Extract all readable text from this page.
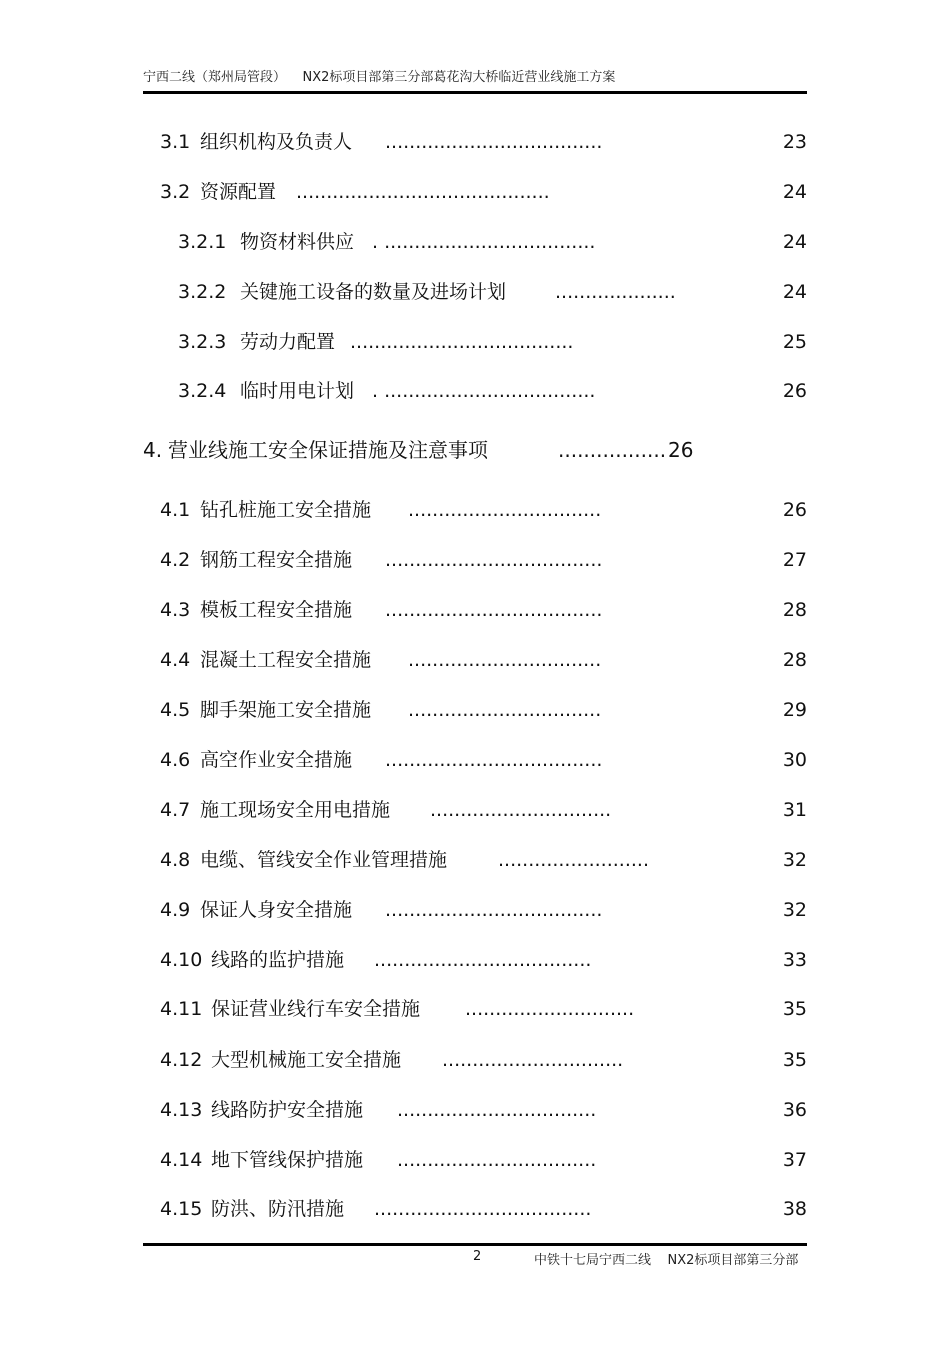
宁西二线（郑州局管段）    NX2标项目部第三分部葛花沟大桥临近营业线施工方案
3.1 组织机构及负责人 ....................................	23
3.2 资源配置 ..........................................	24
3.2.1 物资材料供应 . ...................................	24
3.2.2 关键施工设备的数量及进场计划	....................	24
3.2.3 劳动力配置 .....................................	25
3.2.4 临时用电计划 . ...................................	26
4. 营业线施工安全保证措施及注意事项	................. 26
4.1 钻孔桩施工安全措施 ................................	26
4.2 钢筋工程安全措施 ....................................	27
4.3 模板工程安全措施 ....................................	28
4.4 混凝土工程安全措施 ................................	28
4.5 脚手架施工安全措施 ................................	29
4.6 高空作业安全措施 ....................................	30
4.7 施工现场安全用电措施 ..............................	31
4.8 电缆、管线安全作业管理措施	.........................	32
4.9 保证人身安全措施 ....................................	32
4.10 线路的监护措施 ....................................	33
4.11 保证营业线行车安全措施 ............................	35
4.12 大型机械施工安全措施 ..............................	35
4.13 线路防护安全措施 .................................	36
4.14 地下管线保护措施 .................................	37
4.15 防洪、防汛措施 ....................................	38
2	中铁十七局宁西二线    NX2标项目部第三分部
